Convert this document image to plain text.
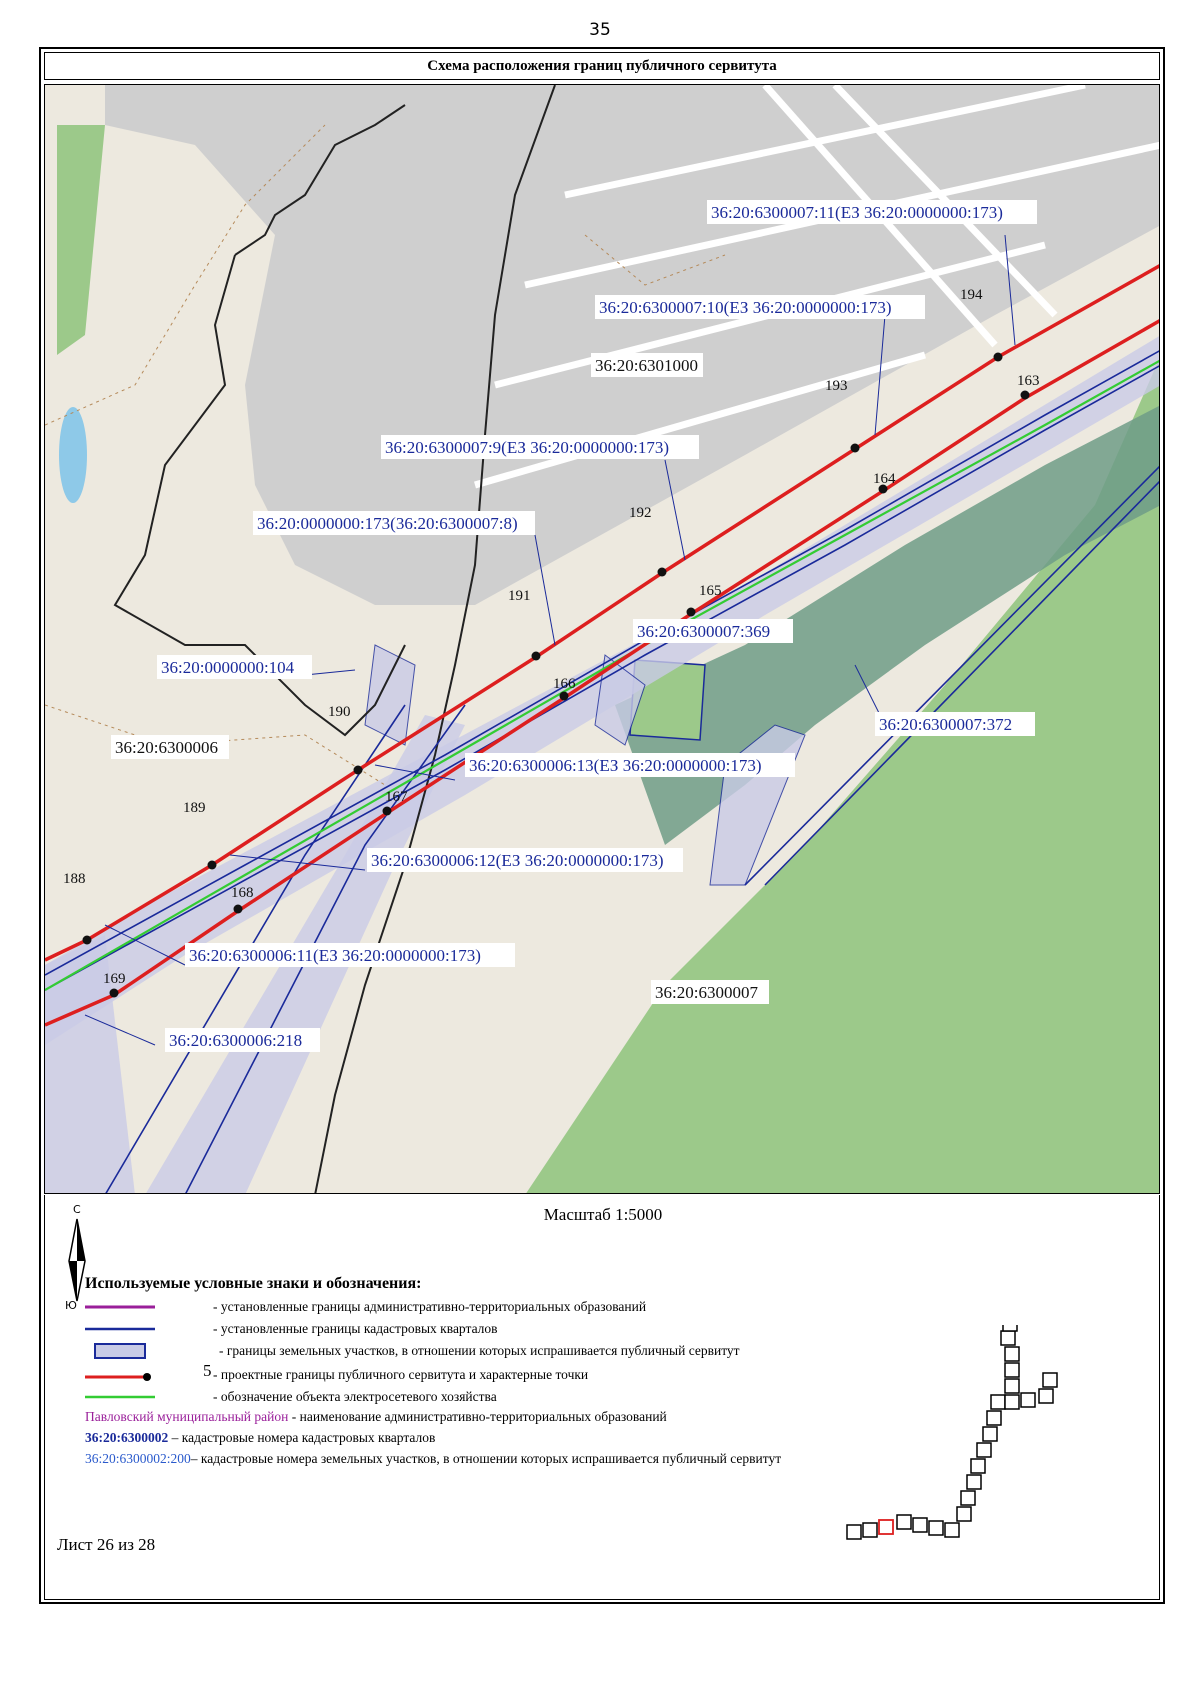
35
Схема расположения границ публичного сервитута
163
164
165
166
167
168
169
188
189
190
191
192
193
194
36:20:6300007:11(ЕЗ 36:20:0000000:173)
36:20:6300007:10(ЕЗ 36:20:0000000:173)
36:20:6300007:9(ЕЗ 36:20:0000000:173)
36:20:0000000:173(36:20:6300007:8)
36:20:0000000:104
36:20:6300007:369
36:20:6300007:372
36:20:6300006:13(ЕЗ 36:20:0000000:173)
36:20:6300006:12(ЕЗ 36:20:0000000:173)
36:20:6300006:11(ЕЗ 36:20:0000000:173)
36:20:6300006:218
36:20:6301000
36:20:6300006
36:20:6300007
Масштаб 1:5000
С
Ю
Используемые условные знаки и обозначения:
- установленные границы административно-территориальных образований
- установленные границы кадастровых кварталов
- границы земельных участков, в отношении которых испрашивается публичный сервитут
5 - проектные границы публичного сервитута и характерные точки
- обозначение объекта электросетевого хозяйства
Павловский муниципальный район - наименование административно-территориальных образований
36:20:6300002 – кадастровые номера кадастровых кварталов
36:20:6300002:200– кадастровые номера земельных участков, в отношении которых испрашивается публичный сервитут
Лист 26 из 28
